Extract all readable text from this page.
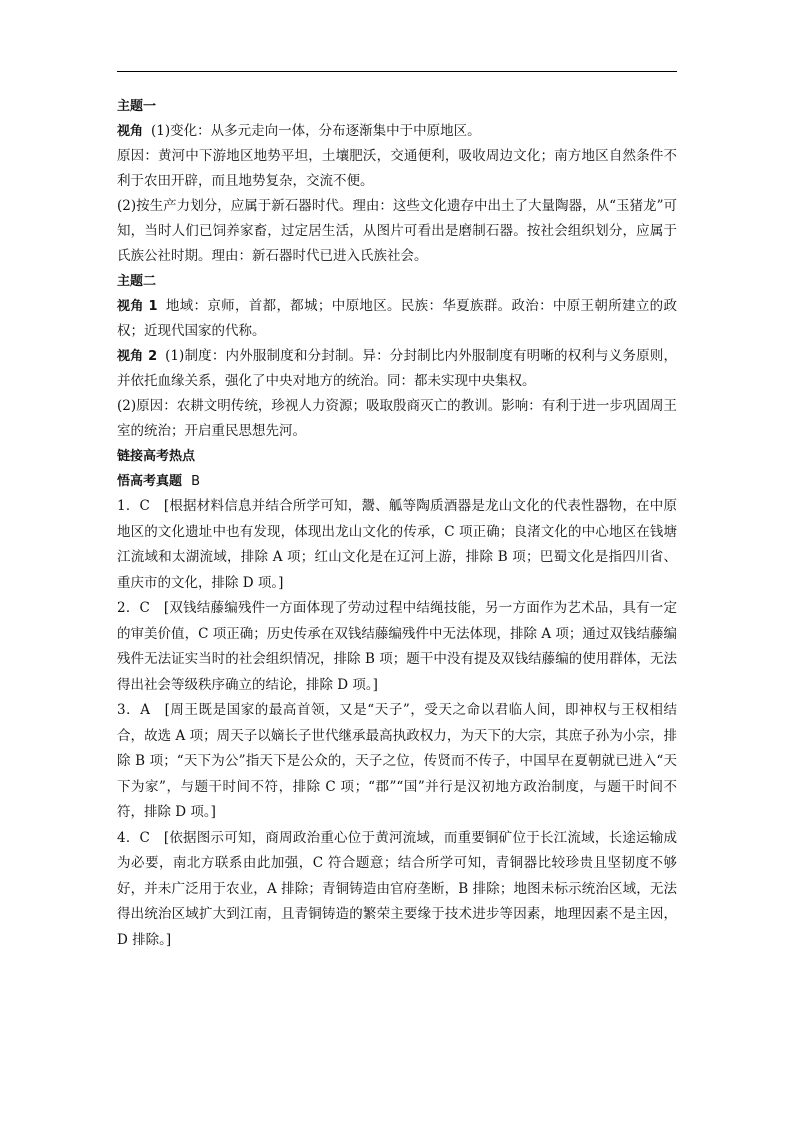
主题一

视角 (1)变化：从多元走向一体，分布逐渐集中于中原地区。

原因：黄河中下游地区地势平坦，土壤肥沃，交通便利，吸收周边文化；南方地区自然条件不利于农田开辟，而且地势复杂，交流不便。

(2)按生产力划分，应属于新石器时代。理由：这些文化遗存中出土了大量陶器，从“玉猪龙”可知，当时人们已饲养家畜，过定居生活，从图片可看出是磨制石器。按社会组织划分，应属于氏族公社时期。理由：新石器时代已进入氏族社会。

主题二

视角 1 地域：京师，首都，都城；中原地区。民族：华夏族群。政治：中原王朝所建立的政权；近现代国家的代称。

视角 2 (1)制度：内外服制度和分封制。异：分封制比内外服制度有明晰的权利与义务原则，并依托血缘关系，强化了中央对地方的统治。同：都未实现中央集权。

(2)原因：农耕文明传统，珍视人力资源；吸取殷商灭亡的教训。影响：有利于进一步巩固周王室的统治；开启重民思想先河。

链接高考热点

悟高考真题 B

1．C　[根据材料信息并结合所学可知，鬶、觚等陶质酒器是龙山文化的代表性器物，在中原地区的文化遗址中也有发现，体现出龙山文化的传承，C 项正确；良渚文化的中心地区在钱塘江流域和太湖流域，排除 A 项；红山文化是在辽河上游，排除 B 项；巴蜀文化是指四川省、重庆市的文化，排除 D 项。]

2．C　[双钱结藤编残件一方面体现了劳动过程中结绳技能，另一方面作为艺术品，具有一定的审美价值，C 项正确；历史传承在双钱结藤编残件中无法体现，排除 A 项；通过双钱结藤编残件无法证实当时的社会组织情况，排除 B 项；题干中没有提及双钱结藤编的使用群体，无法得出社会等级秩序确立的结论，排除 D 项。]

3．A　[周王既是国家的最高首领，又是“天子”，受天之命以君临人间，即神权与王权相结合，故选 A 项；周天子以嫡长子世代继承最高执政权力，为天下的大宗，其庶子孙为小宗，排除 B 项；“天下为公”指天下是公众的，天子之位，传贤而不传子，中国早在夏朝就已进入“天下为家”，与题干时间不符，排除 C 项；“郡”“国”并行是汉初地方政治制度，与题干时间不符，排除 D 项。]

4．C　[依据图示可知，商周政治重心位于黄河流域，而重要铜矿位于长江流域，长途运输成为必要，南北方联系由此加强，C 符合题意；结合所学可知，青铜器比较珍贵且坚韧度不够好，并未广泛用于农业，A 排除；青铜铸造由官府垄断，B 排除；地图未标示统治区域，无法得出统治区域扩大到江南，且青铜铸造的繁荣主要缘于技术进步等因素，地理因素不是主因，D 排除。]
